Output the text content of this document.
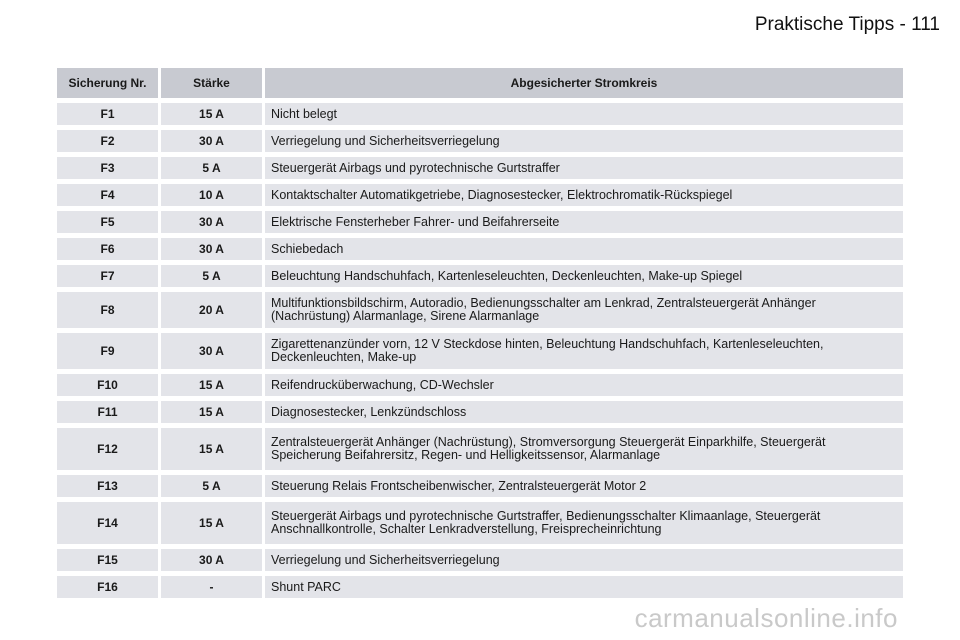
Praktische Tipps - 111
Sicherung Nr.	Stärke	Abgesicherter Stromkreis
F1	15 A	Nicht belegt
F2	30 A	Verriegelung und Sicherheitsverriegelung
F3	5 A	Steuergerät Airbags und pyrotechnische Gurtstraffer
F4	10 A	Kontaktschalter Automatikgetriebe, Diagnosestecker, Elektrochromatik-Rückspiegel
F5	30 A	Elektrische Fensterheber Fahrer- und Beifahrerseite
F6	30 A	Schiebedach
F7	5 A	Beleuchtung Handschuhfach, Kartenleseleuchten, Deckenleuchten, Make-up Spiegel
F8	20 A	Multifunktionsbildschirm, Autoradio, Bedienungsschalter am Lenkrad, Zentralsteuergerät Anhänger (Nachrüstung) Alarmanlage, Sirene Alarmanlage
F9	30 A	Zigarettenanzünder vorn, 12 V Steckdose hinten, Beleuchtung Handschuhfach, Kartenleseleuchten, Deckenleuchten, Make-up
F10	15 A	Reifendrucküberwachung, CD-Wechsler
F11	15 A	Diagnosestecker, Lenkzündschloss
F12	15 A	Zentralsteuergerät Anhänger (Nachrüstung), Stromversorgung Steuergerät Einparkhilfe, Steuergerät Speicherung Beifahrersitz, Regen- und Helligkeitssensor, Alarmanlage
F13	5 A	Steuerung Relais Frontscheibenwischer, Zentralsteuergerät Motor 2
F14	15 A	Steuergerät Airbags und pyrotechnische Gurtstraffer, Bedienungsschalter Klimaanlage, Steuergerät Anschnallkontrolle, Schalter Lenkradverstellung, Freisprecheinrichtung
F15	30 A	Verriegelung und Sicherheitsverriegelung
F16	-	Shunt PARC
carmanualsonline.info
